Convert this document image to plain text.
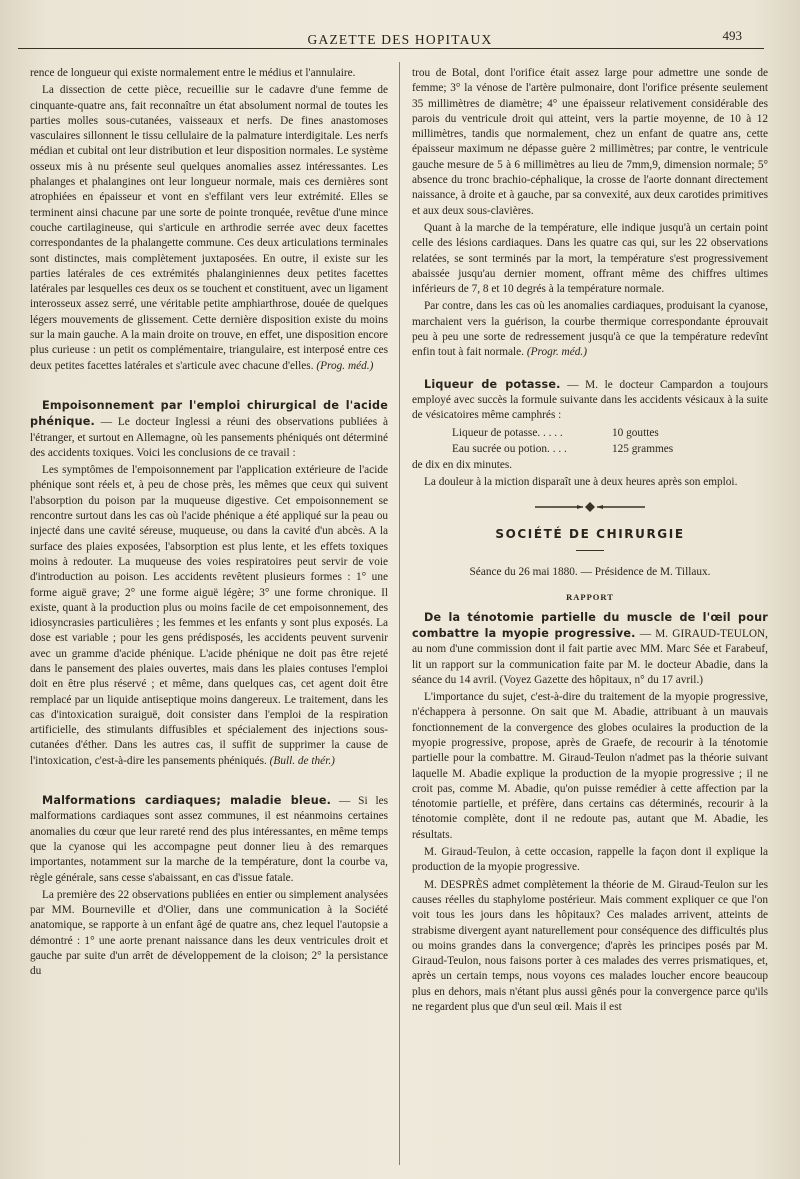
GAZETTE DES HOPITAUX	493

rence de longueur qui existe normalement entre le médius et l'annulaire.

La dissection de cette pièce, recueillie sur le cadavre d'une femme de cinquante-quatre ans, fait reconnaître un état absolument normal de toutes les parties molles sous-cutanées, vaisseaux et nerfs. De fines anastomoses vasculaires sillonnent le tissu cellulaire de la palmature interdigitale. Les nerfs médian et cubital ont leur distribution et leur disposition normales. Le système osseux mis à nu présente seul quelques anomalies assez intéressantes. Les phalanges et phalangines ont leur longueur normale, mais ces dernières sont atrophiées en épaisseur et vont en s'effilant vers leur extrémité. Elles se terminent ainsi chacune par une sorte de pointe tronquée, revêtue d'une mince couche cartilagineuse, qui s'articule en arthrodie serrée avec deux facettes correspondantes de la phalangette commune. Ces deux articulations terminales sont distinctes, mais complètement juxtaposées. En outre, il existe sur les parties latérales de ces extrémités phalanginiennes deux petites facettes latérales par lesquelles ces deux os se touchent et constituent, avec un ligament interosseux assez serré, une véritable petite amphiarthrose, douée de quelques légers mouvements de glissement. Cette dernière disposition existe du moins sur la main gauche. A la main droite on trouve, en effet, une disposition encore plus curieuse : un petit os complémentaire, triangulaire, est interposé entre ces deux petites facettes latérales et s'articule avec chacune d'elles. (Prog. méd.)

Empoisonnement par l'emploi chirurgical de l'acide phénique. — Le docteur Inglessi a réuni des observations publiées à l'étranger, et surtout en Allemagne, où les pansements phéniqués ont déterminé des accidents toxiques. Voici les conclusions de ce travail :

Les symptômes de l'empoisonnement par l'application extérieure de l'acide phénique sont réels et, à peu de chose près, les mêmes que ceux qui suivent l'absorption du poison par la muqueuse digestive. Cet empoisonnement se rencontre surtout dans les cas où l'acide phénique a été appliqué sur la peau ou injecté dans une cavité séreuse, muqueuse, ou dans la cavité d'un abcès. A la surface des plaies exposées, l'absorption est plus lente, et les effets toxiques moins à redouter. La muqueuse des voies respiratoires peut servir de voie d'introduction au poison. Les accidents revêtent plusieurs formes : 1° une forme aiguë grave; 2° une forme aiguë légère; 3° une forme chronique. Il existe, quant à la production plus ou moins facile de cet empoisonnement, des idiosyncrasies particulières ; les femmes et les enfants y sont plus exposés. La dose est variable ; pour les gens prédisposés, les accidents peuvent survenir avec un gramme d'acide phénique. L'acide phénique ne doit pas être rejeté dans le pansement des plaies ouvertes, mais dans les plaies contuses l'emploi doit en être plus réservé ; et même, dans quelques cas, cet agent doit être remplacé par un liquide antiseptique moins dangereux. Le traitement, dans les cas d'intoxication suraiguë, doit consister dans l'emploi de la respiration artificielle, des stimulants diffusibles et spécialement des injections sous-cutanées d'éther. Dans les autres cas, il suffit de supprimer la cause de l'intoxication, c'est-à-dire les pansements phéniqués. (Bull. de thér.)

Malformations cardiaques; maladie bleue. — Si les malformations cardiaques sont assez communes, il est néanmoins certaines anomalies du cœur que leur rareté rend des plus intéressantes, en même temps que la cyanose qui les accompagne peut donner lieu à des remarques importantes, notamment sur la marche de la température, dont la courbe va, règle générale, sans cesse s'abaissant, en cas d'issue fatale.

La première des 22 observations publiées en entier ou simplement analysées par MM. Bourneville et d'Olier, dans une communication à la Société anatomique, se rapporte à un enfant âgé de quatre ans, chez lequel l'autopsie a démontré : 1° une aorte prenant naissance dans les deux ventricules droit et gauche par suite d'un arrêt de développement de la cloison; 2° la persistance du

trou de Botal, dont l'orifice était assez large pour admettre une sonde de femme; 3° la vénose de l'artère pulmonaire, dont l'orifice présente seulement 35 millimètres de diamètre; 4° une épaisseur relativement considérable des parois du ventricule droit qui atteint, vers la partie moyenne, de 10 à 12 millimètres, tandis que normalement, chez un enfant de quatre ans, cette épaisseur maximum ne dépasse guère 2 millimètres; par contre, le ventricule gauche mesure de 5 à 6 millimètres au lieu de 7mm,9, dimension normale; 5° absence du tronc brachio-céphalique, la crosse de l'aorte donnant directement naissance, à droite et à gauche, par sa convexité, aux deux carotides primitives et aux deux sous-clavières.

Quant à la marche de la température, elle indique jusqu'à un certain point celle des lésions cardiaques. Dans les quatre cas qui, sur les 22 observations relatées, se sont terminés par la mort, la température s'est progressivement abaissée jusqu'au dernier moment, offrant même des chiffres ultimes inférieurs de 7, 8 et 10 degrés à la température normale.

Par contre, dans les cas où les anomalies cardiaques, produisant la cyanose, marchaient vers la guérison, la courbe thermique correspondante éprouvait peu à peu une sorte de redressement jusqu'à ce que la température redevînt enfin tout à fait normale. (Progr. méd.)

Liqueur de potasse. — M. le docteur Campardon a toujours employé avec succès la formule suivante dans les accidents vésicaux à la suite de vésicatoires même camphrés :

Liqueur de potasse. . . . .	10 gouttes
Eau sucrée ou potion. . . .	125 grammes

de dix en dix minutes.

La douleur à la miction disparaît une à deux heures après son emploi.

SOCIÉTÉ DE CHIRURGIE

Séance du 26 mai 1880. — Présidence de M. Tillaux.

RAPPORT

De la ténotomie partielle du muscle de l'œil pour combattre la myopie progressive. — M. GIRAUD-TEULON, au nom d'une commission dont il fait partie avec MM. Marc Sée et Farabeuf, lit un rapport sur la communication faite par M. le docteur Abadie, dans la séance du 14 avril. (Voyez Gazette des hôpitaux, n° du 17 avril.)

L'importance du sujet, c'est-à-dire du traitement de la myopie progressive, n'échappera à personne. On sait que M. Abadie, attribuant à un mauvais fonctionnement de la convergence des globes oculaires la production de la myopie progressive, propose, après de Graefe, de recourir à la ténotomie partielle pour la combattre. M. Giraud-Teulon n'admet pas la théorie suivant laquelle M. Abadie explique la production de la myopie progressive ; il ne croit pas, comme M. Abadie, qu'on puisse remédier à cette affection par la ténotomie partielle, et préfère, dans certains cas déterminés, recourir à la ténotomie complète, dont il ne redoute pas, autant que M. Abadie, les résultats.

M. Giraud-Teulon, à cette occasion, rappelle la façon dont il explique la production de la myopie progressive.

M. DESPRÈS admet complètement la théorie de M. Giraud-Teulon sur les causes réelles du staphylome postérieur. Mais comment expliquer ce que l'on voit tous les jours dans les hôpitaux? Ces malades arrivent, atteints de strabisme divergent ayant naturellement pour conséquence des difficultés plus ou moins grandes dans la convergence; d'après les principes posés par M. Giraud-Teulon, nous faisons porter à ces malades des verres prismatiques, et, après un certain temps, nous voyons ces malades loucher encore beaucoup plus en dehors, mais n'étant plus aussi gênés pour la convergence parce qu'ils ne regardent plus que d'un seul œil. Mais il est
